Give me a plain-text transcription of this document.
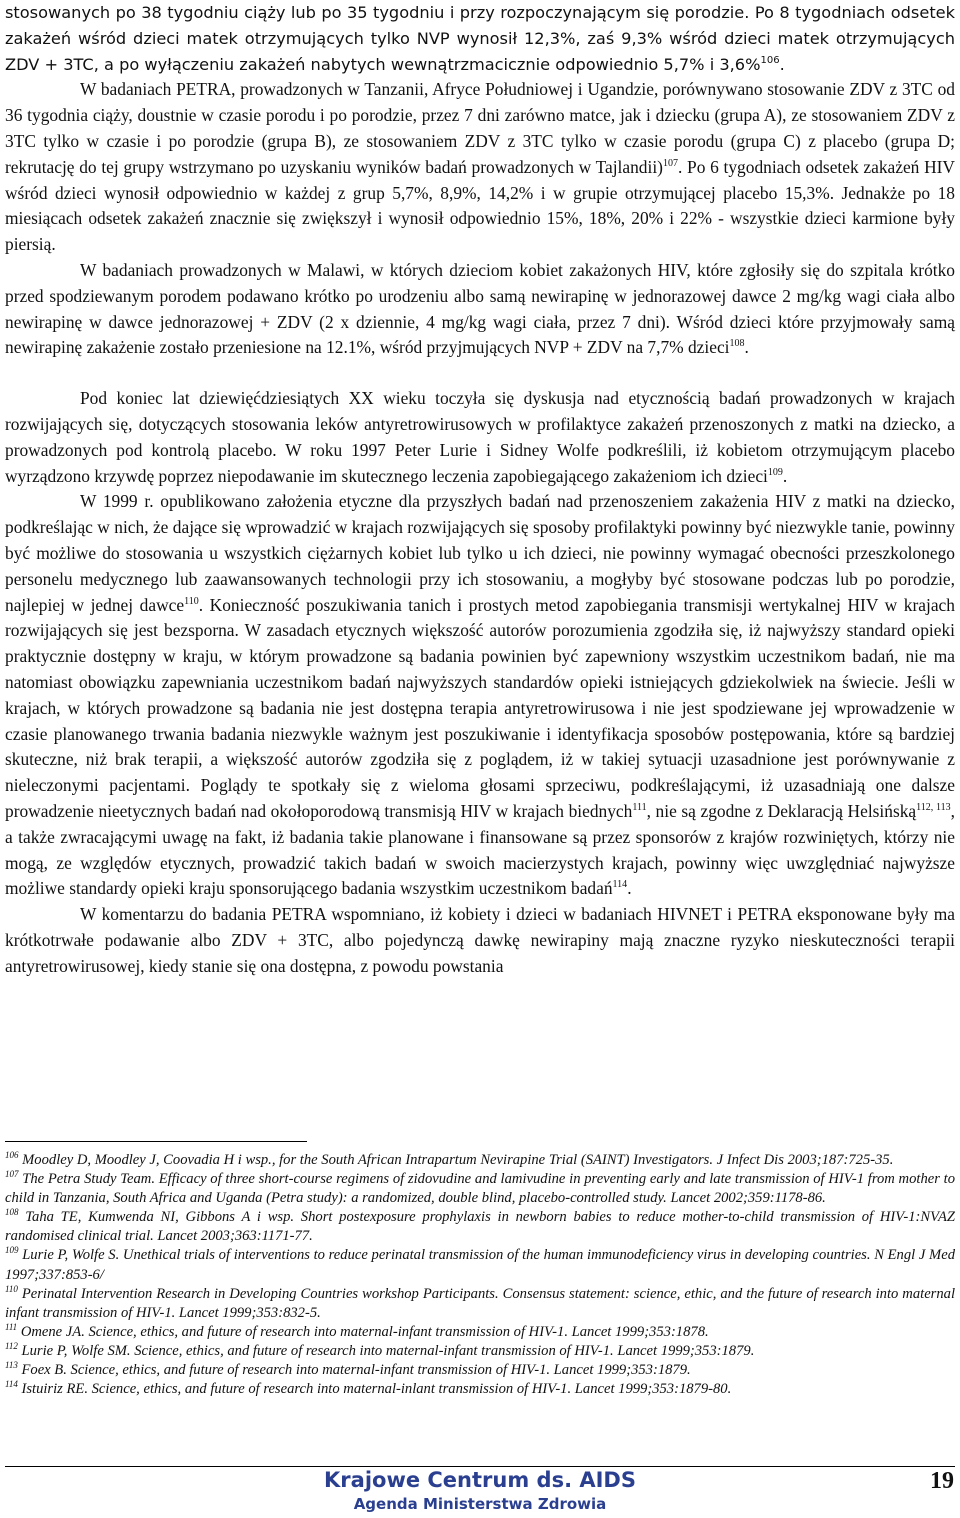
stosowanych po 38 tygodniu ciąży lub po 35 tygodniu i przy rozpoczynającym się porodzie. Po 8 tygodniach odsetek zakażeń wśród dzieci matek otrzymujących tylko NVP wynosił 12,3%, zaś 9,3% wśród dzieci matek otrzymujących ZDV + 3TC, a po wyłączeniu zakażeń nabytych wewnątrzmacicznie odpowiednio 5,7% i 3,6%$^{106}$.

W badaniach PETRA, prowadzonych w Tanzanii, Afryce Południowej i Ugandzie, porównywano stosowanie ZDV z 3TC od 36 tygodnia ciąży, doustnie w czasie porodu i po porodzie, przez 7 dni zarówno matce, jak i dziecku (grupa A), ze stosowaniem ZDV z 3TC tylko w czasie i po porodzie (grupa B), ze stosowaniem ZDV z 3TC tylko w czasie porodu (grupa C) z placebo (grupa D; rekrutację do tej grupy wstrzymano po uzyskaniu wyników badań prowadzonych w Tajlandii)$^{107}$. Po 6 tygodniach odsetek zakażeń HIV wśród dzieci wynosił odpowiednio w każdej z grup 5,7%, 8,9%, 14,2% i w grupie otrzymującej placebo 15,3%. Jednakże po 18 miesiącach odsetek zakażeń znacznie się zwiększył i wynosił odpowiednio 15%, 18%, 20% i 22% - wszystkie dzieci karmione były piersią.

W badaniach prowadzonych w Malawi, w których dzieciom kobiet zakażonych HIV, które zgłosiły się do szpitala krótko przed spodziewanym porodem podawano krótko po urodzeniu albo samą newirapinę w jednorazowej dawce 2 mg/kg wagi ciała albo newirapinę w dawce jednorazowej + ZDV (2 x dziennie, 4 mg/kg wagi ciała, przez 7 dni). Wśród dzieci które przyjmowały samą newirapinę zakażenie zostało przeniesione na 12.1%, wśród przyjmujących NVP + ZDV na 7,7% dzieci$^{108}$.

Pod koniec lat dziewięćdziesiątych XX wieku toczyła się dyskusja nad etycznością badań prowadzonych w krajach rozwijających się, dotyczących stosowania leków antyretrowirusowych w profilaktyce zakażeń przenoszonych z matki na dziecko, a prowadzonych pod kontrolą placebo. W roku 1997 Peter Lurie i Sidney Wolfe podkreślili, iż kobietom otrzymującym placebo wyrządzono krzywdę poprzez niepodawanie im skutecznego leczenia zapobiegającego zakażeniom ich dzieci$^{109}$.

W 1999 r. opublikowano założenia etyczne dla przyszłych badań nad przenoszeniem zakażenia HIV z matki na dziecko, podkreślając w nich, że dające się wprowadzić w krajach rozwijających się sposoby profilaktyki powinny być niezwykle tanie, powinny być możliwe do stosowania u wszystkich ciężarnych kobiet lub tylko u ich dzieci, nie powinny wymagać obecności przeszkolonego personelu medycznego lub zaawansowanych technologii przy ich stosowaniu, a mogłyby być stosowane podczas lub po porodzie, najlepiej w jednej dawce$^{110}$. Konieczność poszukiwania tanich i prostych metod zapobiegania transmisji wertykalnej HIV w krajach rozwijających się jest bezsporna. W zasadach etycznych większość autorów porozumienia zgodziła się, iż najwyższy standard opieki praktycznie dostępny w kraju, w którym prowadzone są badania powinien być zapewniony wszystkim uczestnikom badań, nie ma natomiast obowiązku zapewniania uczestnikom badań najwyższych standardów opieki istniejących gdziekolwiek na świecie. Jeśli w krajach, w których prowadzone są badania nie jest dostępna terapia antyretrowirusowa i nie jest spodziewane jej wprowadzenie w czasie planowanego trwania badania niezwykle ważnym jest poszukiwanie i identyfikacja sposobów postępowania, które są bardziej skuteczne, niż brak terapii, a większość autorów zgodziła się z poglądem, iż w takiej sytuacji uzasadnione jest porównywanie z nieleczonymi pacjentami. Poglądy te spotkały się z wieloma głosami sprzeciwu, podkreślającymi, iż uzasadniają one dalsze prowadzenie nieetycznych badań nad okołoporodową transmisją HIV w krajach biednych$^{111}$, nie są zgodne z Deklaracją Helsińską$^{112, 113}$, a także zwracającymi uwagę na fakt, iż badania takie planowane i finansowane są przez sponsorów z krajów rozwiniętych, którzy nie mogą, ze względów etycznych, prowadzić takich badań w swoich macierzystych krajach, powinny więc uwzględniać najwyższe możliwe standardy opieki kraju sponsorującego badania wszystkim uczestnikom badań$^{114}$.

W komentarzu do badania PETRA wspomniano, iż kobiety i dzieci w badaniach HIVNET i PETRA eksponowane były ma krótkotrwałe podawanie albo ZDV + 3TC, albo pojedynczą dawkę newirapiny mają znaczne ryzyko nieskuteczności terapii antyretrowirusowej, kiedy stanie się ona dostępna, z powodu powstania

$^{106}$ Moodley D, Moodley J, Coovadia H i wsp., for the South African Intrapartum Nevirapine Trial (SAINT) Investigators. J Infect Dis 2003;187:725-35.

$^{107}$ The Petra Study Team. Efficacy of three short-course regimens of zidovudine and lamivudine in preventing early and late transmission of HIV-1 from mother to child in Tanzania, South Africa and Uganda (Petra study): a randomized, double blind, placebo-controlled study. Lancet 2002;359:1178-86.

$^{108}$ Taha TE, Kumwenda NI, Gibbons A i wsp. Short postexposure prophylaxis in newborn babies to reduce mother-to-child transmission of HIV-1:NVAZ randomised clinical trial. Lancet 2003;363:1171-77.

$^{109}$ Lurie P, Wolfe S. Unethical trials of interventions to reduce perinatal transmission of the human immunodeficiency virus in developing countries. N Engl J Med 1997;337:853-6/

$^{110}$ Perinatal Intervention Research in Developing Countries workshop Participants. Consensus statement: science, ethic, and the future of research into maternal infant transmission of HIV-1. Lancet 1999;353:832-5.

$^{111}$ Omene JA. Science, ethics, and future of research into maternal-infant transmission of HIV-1. Lancet 1999;353:1878.

$^{112}$ Lurie P, Wolfe SM. Science, ethics, and future of research into maternal-infant transmission of HIV-1. Lancet 1999;353:1879.

$^{113}$ Foex B. Science, ethics, and future of research into maternal-infant transmission of HIV-1. Lancet 1999;353:1879.

$^{114}$ Istuiriz RE. Science, ethics, and future of research into maternal-inlant transmission of HIV-1. Lancet 1999;353:1879-80.

Krajowe Centrum ds. AIDS
Agenda Ministerstwa Zdrowia
19
